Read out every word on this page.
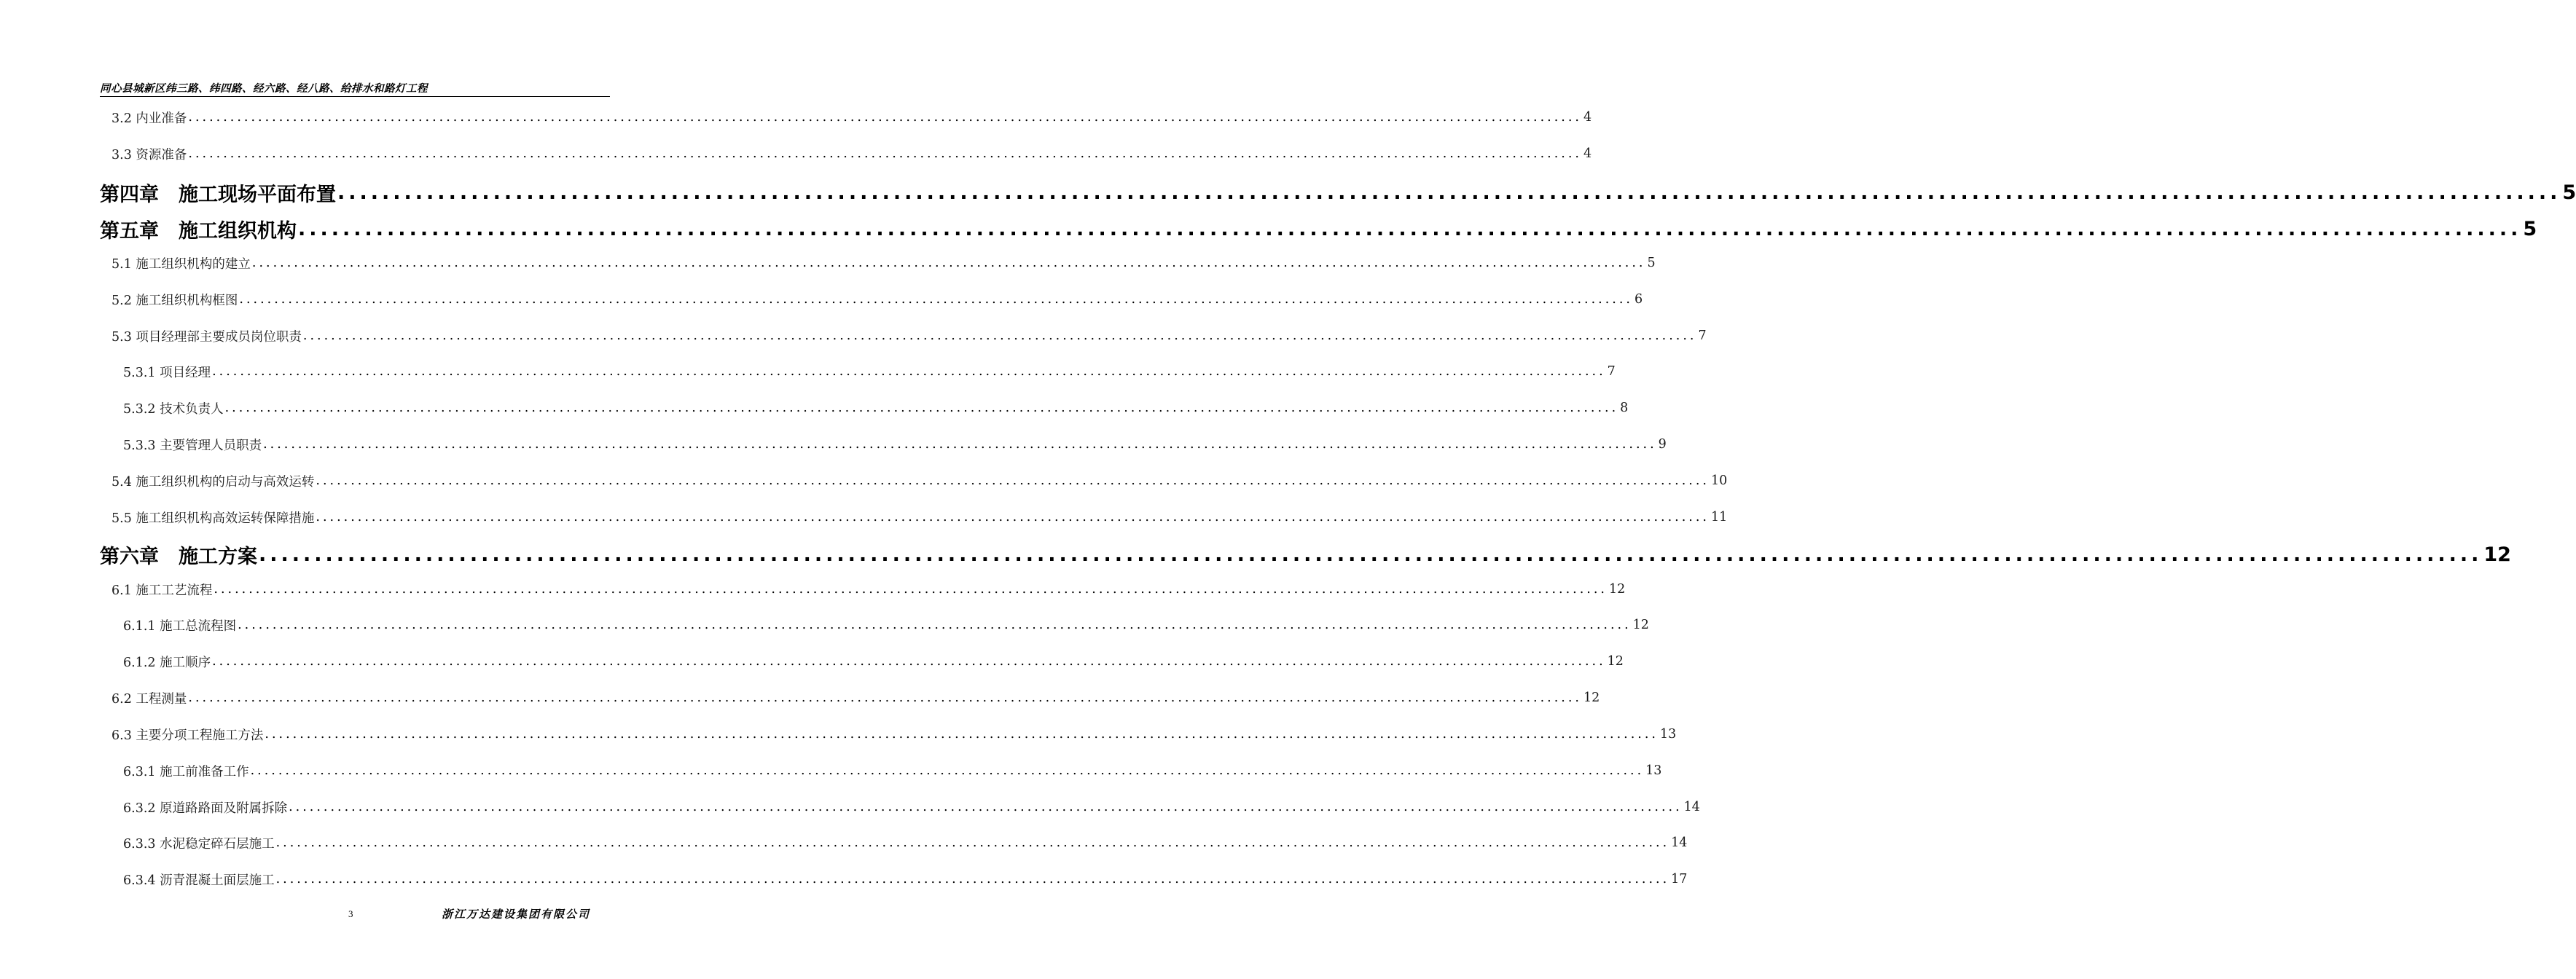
同心县城新区纬三路、纬四路、经六路、经八路、给排水和路灯工程
3.2 内业准备 ........................................................................................................................................................................................................ 4
3.3 资源准备 ........................................................................................................................................................................................................ 4
第四章　施工现场平面布置 ........................................................................................................................................................................................................ 5
第五章　施工组织机构 ........................................................................................................................................................................................................ 5
5.1 施工组织机构的建立 ........................................................................................................................................................................................................ 5
5.2 施工组织机构框图 ........................................................................................................................................................................................................ 6
5.3 项目经理部主要成员岗位职责 ........................................................................................................................................................................................................ 7
5.3.1 项目经理 ........................................................................................................................................................................................................ 7
5.3.2 技术负责人 ........................................................................................................................................................................................................ 8
5.3.3 主要管理人员职责 ........................................................................................................................................................................................................ 9
5.4 施工组织机构的启动与高效运转 ........................................................................................................................................................................................................ 10
5.5 施工组织机构高效运转保障措施 ........................................................................................................................................................................................................ 11
第六章　施工方案 ........................................................................................................................................................................................................ 12
6.1 施工工艺流程 ........................................................................................................................................................................................................ 12
6.1.1 施工总流程图 ........................................................................................................................................................................................................ 12
6.1.2 施工顺序 ........................................................................................................................................................................................................ 12
6.2 工程测量 ........................................................................................................................................................................................................ 12
6.3 主要分项工程施工方法 ........................................................................................................................................................................................................ 13
6.3.1 施工前准备工作 ........................................................................................................................................................................................................ 13
6.3.2 原道路路面及附属拆除 ........................................................................................................................................................................................................ 14
6.3.3 水泥稳定碎石层施工 ........................................................................................................................................................................................................ 14
6.3.4 沥青混凝土面层施工 ........................................................................................................................................................................................................ 17
3	浙江万达建设集团有限公司
